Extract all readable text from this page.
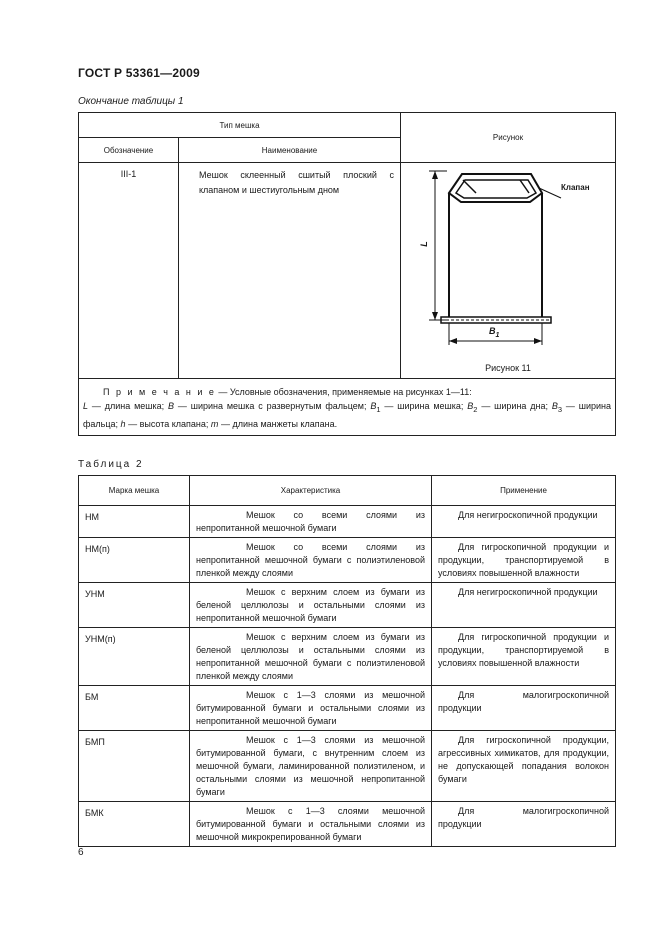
ГОСТ Р 53361—2009
Окончание таблицы 1
Тип мешка		Рисунок
Обозначение	Наименование	
III-1	Мешок склеенный сшитый плоский с клапаном и шестиугольным дном	Клапан
L
$B_1$
Рисунок 11

П р и м е ч а н и е — Условные обозначения, применяемые на рисунках 1—11:
L — длина мешка; B — ширина мешка с развернутым фальцем; $B_1$ — ширина мешка; $B_2$ — ширина дна; $B_3$ — ширина фальца; h — высота клапана; m — длина манжеты клапана.		
Таблица 2
Марка мешка	Характеристика	Применение
НМ	Мешок со всеми слоями из непропитанной мешочной бумаги	Для негигроскопичной продукции
НМ(п)	Мешок со всеми слоями из непропитанной мешочной бумаги с полиэтиленовой пленкой между слоями	Для гигроскопичной продукции и продукции, транспортируемой в условиях повышенной влажности
УНМ	Мешок с верхним слоем из бумаги из беленой целлюлозы и остальными слоями из непропитанной мешочной бумаги	Для негигроскопичной продукции
УНМ(п)	Мешок с верхним слоем из бумаги из беленой целлюлозы и остальными слоями из непропитанной мешочной бумаги с полиэтиленовой пленкой между слоями	Для гигроскопичной продукции и продукции, транспортируемой в условиях повышенной влажности
БМ	Мешок с 1—3 слоями из мешочной битумированной бумаги и остальными слоями из непропитанной мешочной бумаги	Для малогигроскопичной продукции
БМП	Мешок с 1—3 слоями из мешочной битумированной бумаги, с внутренним слоем из мешочной бумаги, ламинированной полиэтиленом, и остальными слоями из мешочной непропитанной бумаги	Для гигроскопичной продукции, агрессивных химикатов, для продукции, не допускающей попадания волокон бумаги
БМК	Мешок с 1—3 слоями мешочной битумированной бумаги и остальными слоями из мешочной микрокрепированной бумаги	Для малогигроскопичной продукции
6
